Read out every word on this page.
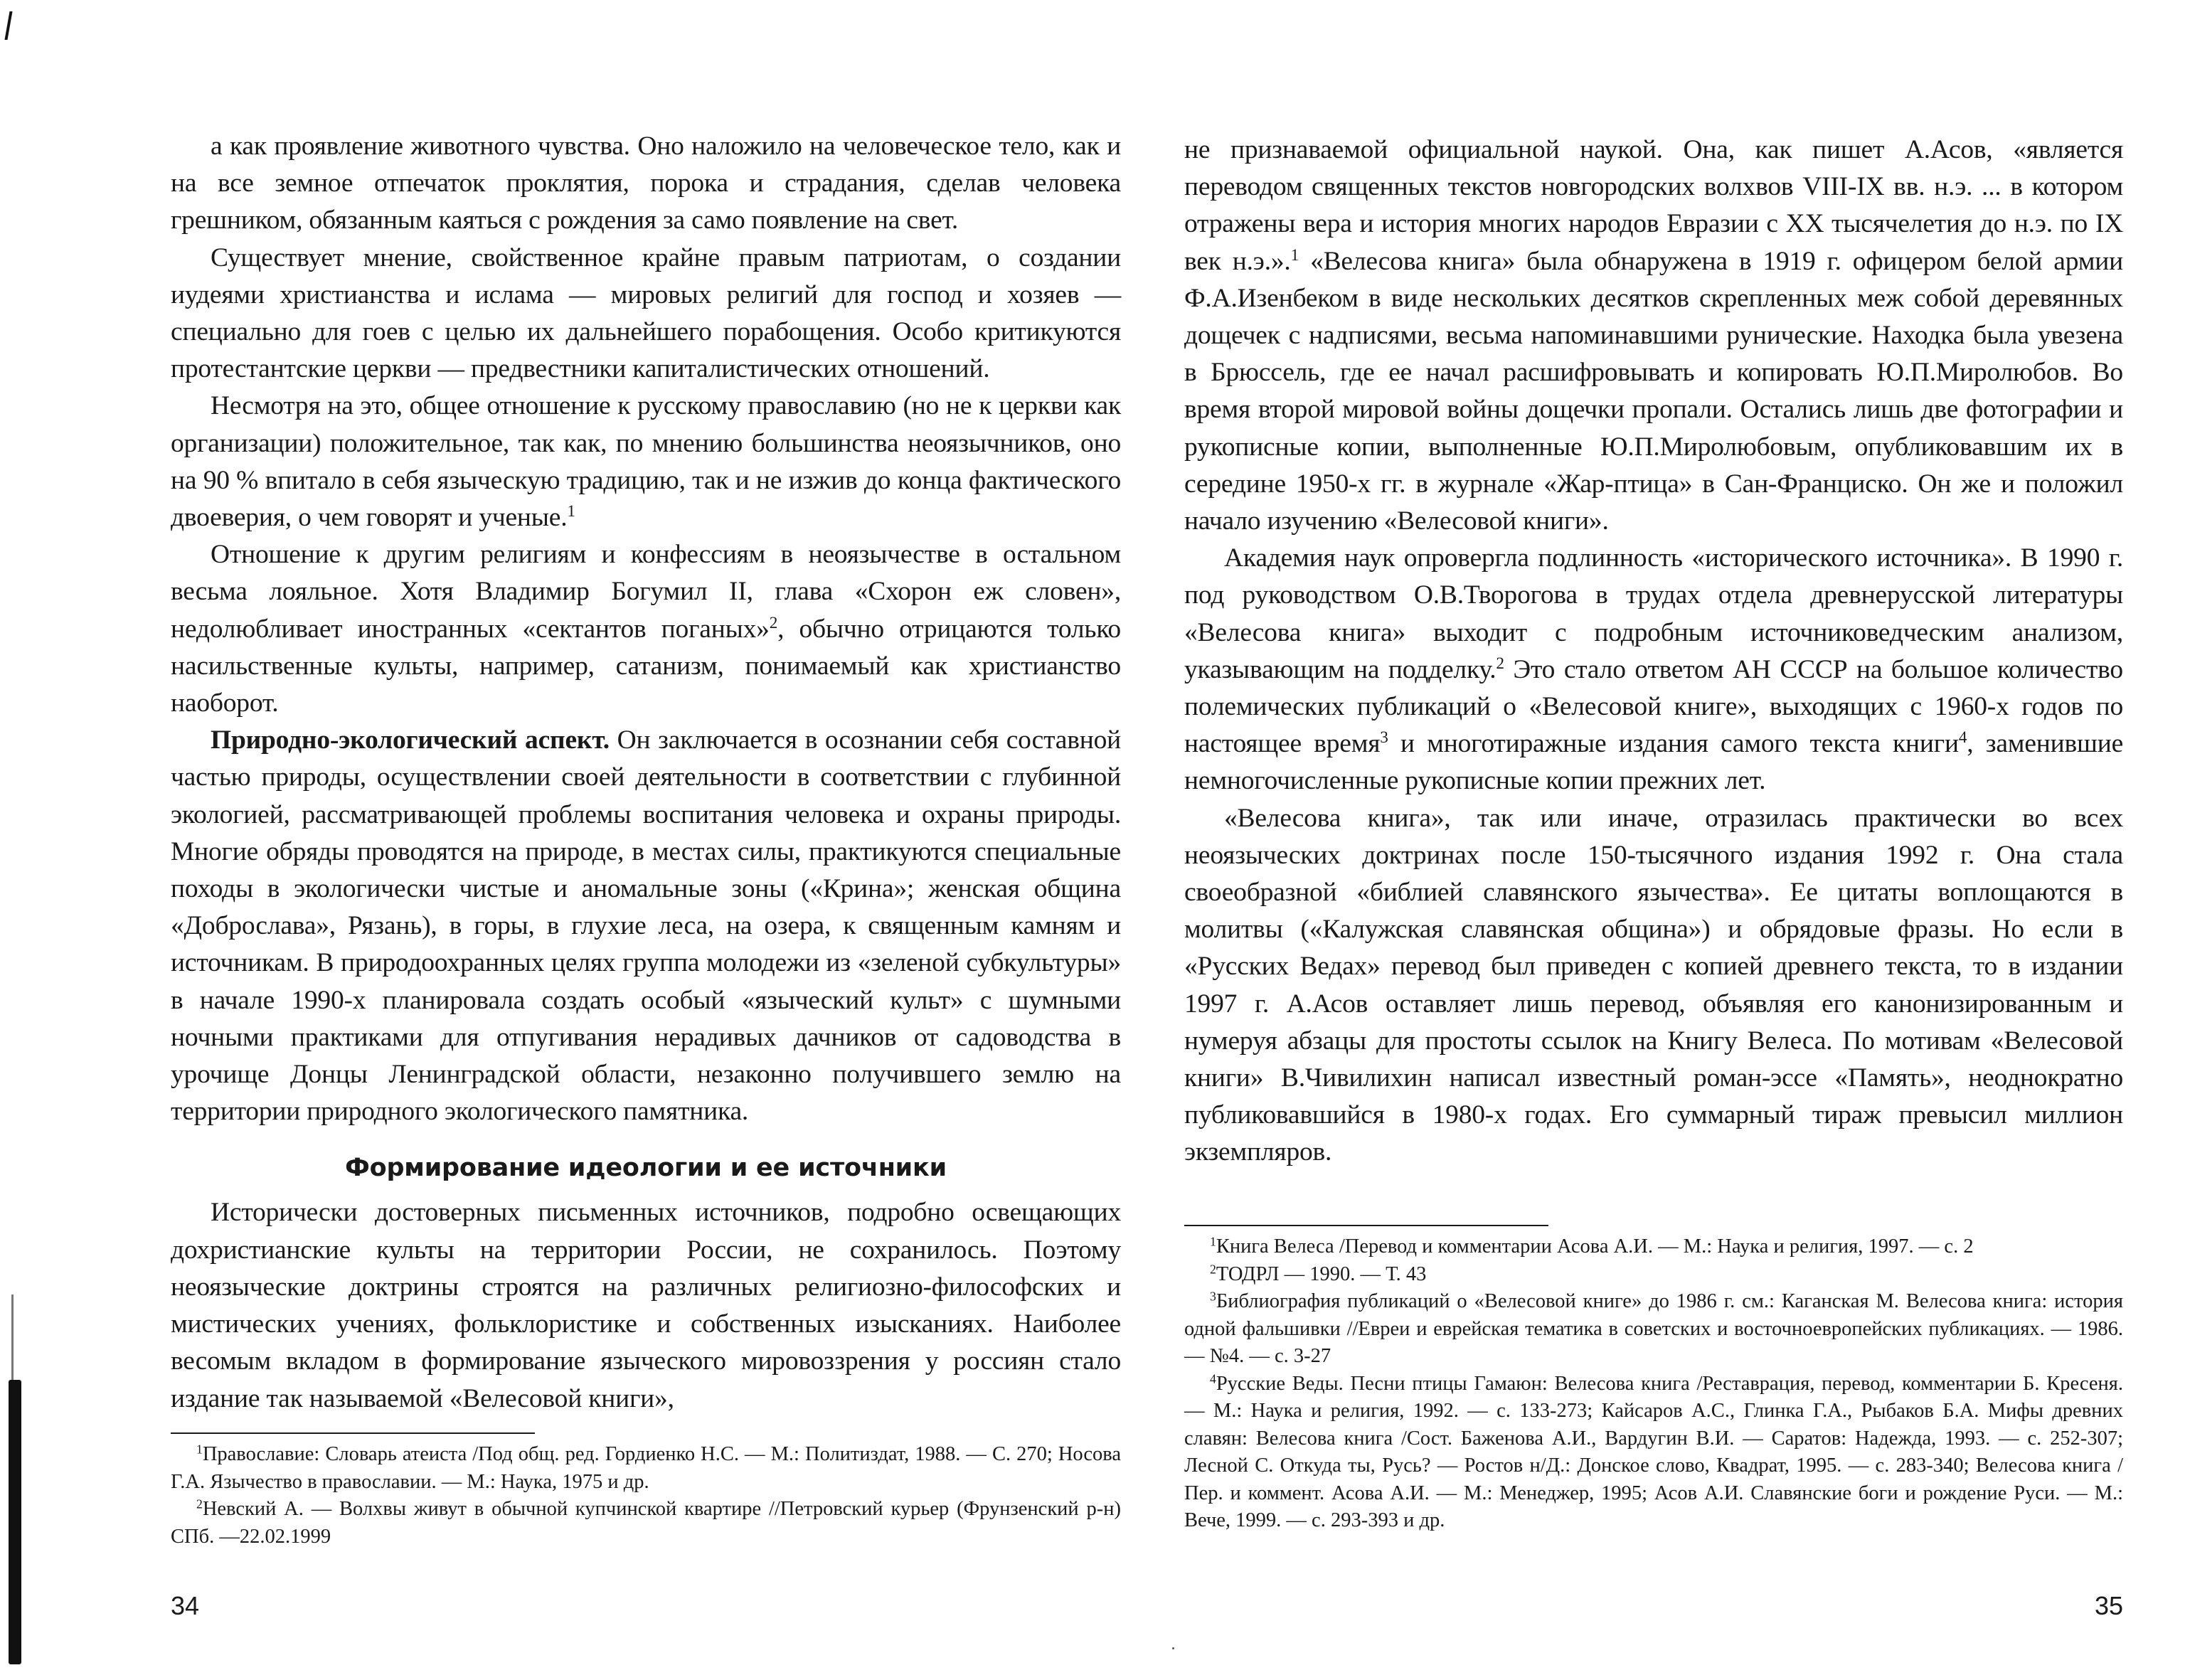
а как проявление животного чувства. Оно наложило на человеческое тело, как и на все земное отпечаток проклятия, порока и страдания, сделав человека грешником, обязанным каяться с рождения за само появление на свет.

Существует мнение, свойственное крайне правым патриотам, о создании иудеями христианства и ислама — мировых религий для господ и хозяев — специально для гоев с целью их дальнейшего порабощения. Особо критикуются протестантские церкви — предвестники капиталистических отношений.

Несмотря на это, общее отношение к русскому православию (но не к церкви как организации) положительное, так как, по мнению большинства неоязычников, оно на 90 % впитало в себя языческую традицию, так и не изжив до конца фактического двоеверия, о чем говорят и ученые.$^1$

Отношение к другим религиям и конфессиям в неоязычестве в остальном весьма лояльное. Хотя Владимир Богумил II, глава «Схорон еж словен», недолюбливает иностранных «сектантов поганых»$^2$, обычно отрицаются только насильственные культы, например, сатанизм, понимаемый как христианство наоборот.

Природно-экологический аспект. Он заключается в осознании себя составной частью природы, осуществлении своей деятельности в соответствии с глубинной экологией, рассматривающей проблемы воспитания человека и охраны природы. Многие обряды проводятся на природе, в местах силы, практикуются специальные походы в экологически чистые и аномальные зоны («Крина»; женская община «Доброслава», Рязань), в горы, в глухие леса, на озера, к священным камням и источникам. В природоохранных целях группа молодежи из «зеленой субкультуры» в начале 1990-х планировала создать особый «языческий культ» с шумными ночными практиками для отпугивания нерадивых дачников от садоводства в урочище Донцы Ленинградской области, незаконно получившего землю на территории природного экологического памятника.

Формирование идеологии и ее источники

Исторически достоверных письменных источников, подробно освещающих дохристианские культы на территории России, не сохранилось. Поэтому неоязыческие доктрины строятся на различных религиозно-философских и мистических учениях, фольклористике и собственных изысканиях. Наиболее весомым вкладом в формирование языческого мировоззрения у россиян стало издание так называемой «Велесовой книги»,

$^1$Православие: Словарь атеиста /Под общ. ред. Гордиенко Н.С. — М.: Политиздат, 1988. — С. 270; Носова Г.А. Язычество в православии. — М.: Наука, 1975 и др.

$^2$Невский А. — Волхвы живут в обычной купчинской квартире //Петровский курьер (Фрунзенский р-н) СПб. —22.02.1999

34

не признаваемой официальной наукой. Она, как пишет А.Асов, «является переводом священных текстов новгородских волхвов VIII-IX вв. н.э. ... в котором отражены вера и история многих народов Евразии с XX тысячелетия до н.э. по IX век н.э.».$^1$ «Велесова книга» была обнаружена в 1919 г. офицером белой армии Ф.А.Изенбеком в виде нескольких десятков скрепленных меж собой деревянных дощечек с надписями, весьма напоминавшими рунические. Находка была увезена в Брюссель, где ее начал расшифровывать и копировать Ю.П.Миролюбов. Во время второй мировой войны дощечки пропали. Остались лишь две фотографии и рукописные копии, выполненные Ю.П.Миролюбовым, опубликовавшим их в середине 1950-х гг. в журнале «Жар-птица» в Сан-Франциско. Он же и положил начало изучению «Велесовой книги».

Академия наук опровергла подлинность «исторического источника». В 1990 г. под руководством О.В.Творогова в трудах отдела древнерусской литературы «Велесова книга» выходит с подробным источниковедческим анализом, указывающим на подделку.$^2$ Это стало ответом АН СССР на большое количество полемических публикаций о «Велесовой книге», выходящих с 1960-х годов по настоящее время$^3$ и многотиражные издания самого текста книги$^4$, заменившие немногочисленные рукописные копии прежних лет.

«Велесова книга», так или иначе, отразилась практически во всех неоязыческих доктринах после 150-тысячного издания 1992 г. Она стала своеобразной «библией славянского язычества». Ее цитаты воплощаются в молитвы («Калужская славянская община») и обрядовые фразы. Но если в «Русских Ведах» перевод был приведен с копией древнего текста, то в издании 1997 г. А.Асов оставляет лишь перевод, объявляя его канонизированным и нумеруя абзацы для простоты ссылок на Книгу Велеса. По мотивам «Велесовой книги» В.Чивилихин написал известный роман-эссе «Память», неоднократно публиковавшийся в 1980-х годах. Его суммарный тираж превысил миллион экземпляров.

$^1$Книга Велеса /Перевод и комментарии Асова А.И. — М.: Наука и религия, 1997. — с. 2

$^2$ТОДРЛ — 1990. — Т. 43

$^3$Библиография публикаций о «Велесовой книге» до 1986 г. см.: Каганская М. Велесова книга: история одной фальшивки //Евреи и еврейская тематика в советских и восточноевропейских публикациях. — 1986. — №4. — с. 3-27

$^4$Русские Веды. Песни птицы Гамаюн: Велесова книга /Реставрация, перевод, комментарии Б. Кресеня. — М.: Наука и религия, 1992. — с. 133-273; Кайсаров А.С., Глинка Г.А., Рыбаков Б.А. Мифы древних славян: Велесова книга /Сост. Баженова А.И., Вардугин В.И. — Саратов: Надежда, 1993. — с. 252-307; Лесной С. Откуда ты, Русь? — Ростов н/Д.: Донское слово, Квадрат, 1995. — с. 283-340; Велесова книга /Пер. и коммент. Асова А.И. — М.: Менеджер, 1995; Асов А.И. Славянские боги и рождение Руси. — М.: Вече, 1999. — с. 293-393 и др.

35
